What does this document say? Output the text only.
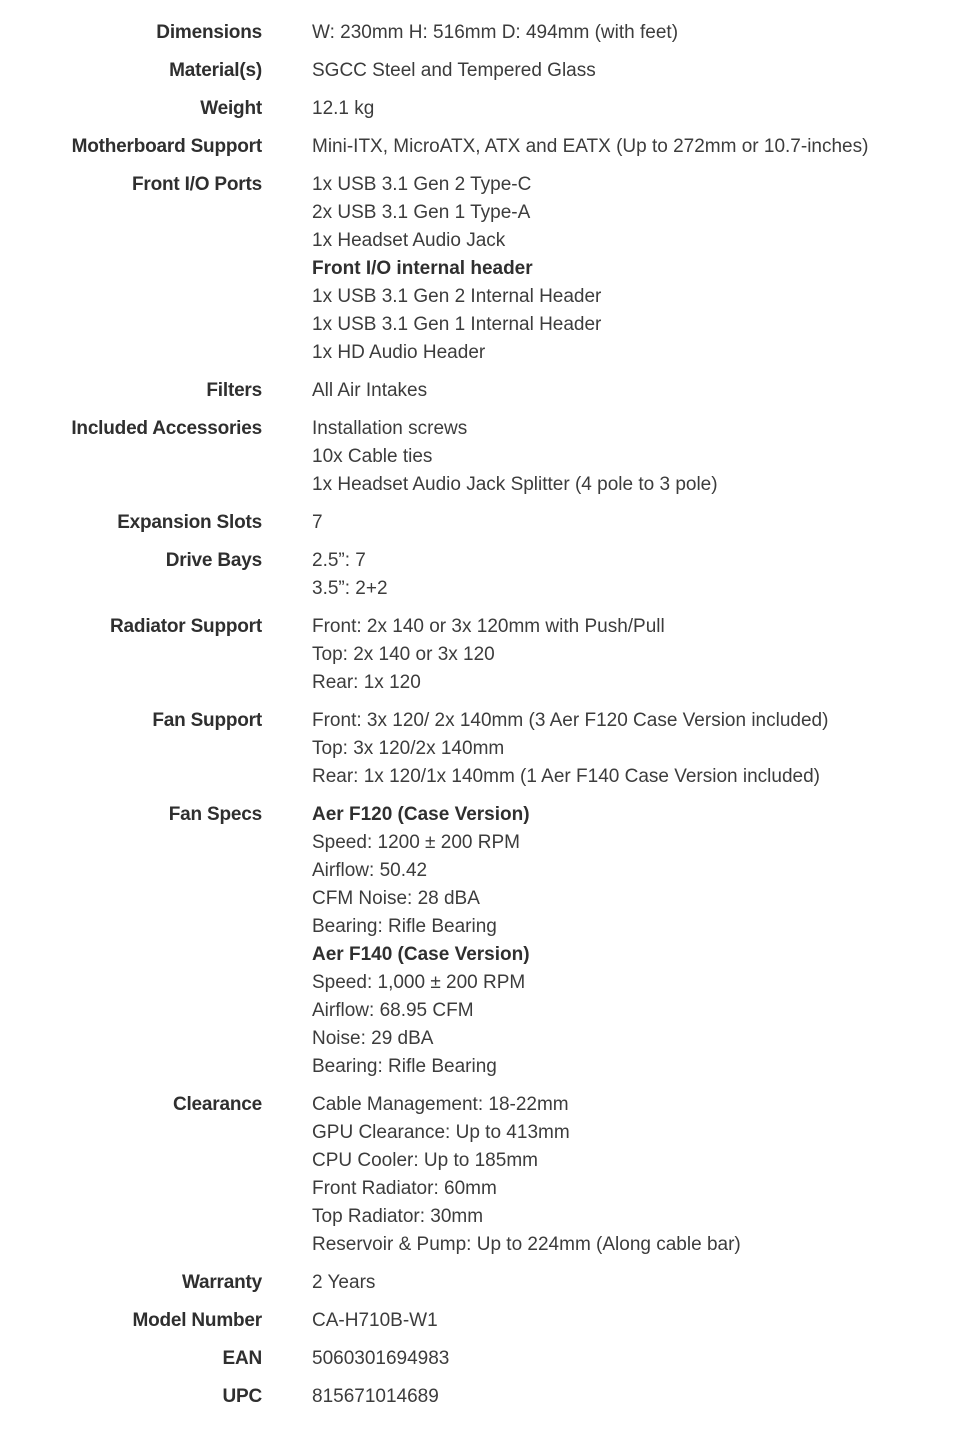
Dimensions	W: 230mm H: 516mm D: 494mm (with feet)
Material(s)	SGCC Steel and Tempered Glass
Weight	12.1 kg
Motherboard Support	Mini-ITX, MicroATX, ATX and EATX (Up to 272mm or 10.7-inches)
Front I/O Ports	1x USB 3.1 Gen 2 Type-C
2x USB 3.1 Gen 1 Type-A
1x Headset Audio Jack
Front I/O internal header
1x USB 3.1 Gen 2 Internal Header
1x USB 3.1 Gen 1 Internal Header
1x HD Audio Header
Filters	All Air Intakes
Included Accessories	Installation screws
10x Cable ties
1x Headset Audio Jack Splitter (4 pole to 3 pole)
Expansion Slots	7
Drive Bays	2.5”: 7
3.5”: 2+2
Radiator Support	Front: 2x 140 or 3x 120mm with Push/Pull
Top: 2x 140 or 3x 120
Rear: 1x 120
Fan Support	Front: 3x 120/ 2x 140mm (3 Aer F120 Case Version included)
Top: 3x 120/2x 140mm
Rear: 1x 120/1x 140mm (1 Aer F140 Case Version included)
Fan Specs	Aer F120 (Case Version)
Speed: 1200 ± 200 RPM
Airflow: 50.42
CFM Noise: 28 dBA
Bearing: Rifle Bearing
Aer F140 (Case Version)
Speed: 1,000 ± 200 RPM
Airflow: 68.95 CFM
Noise: 29 dBA
Bearing: Rifle Bearing
Clearance	Cable Management: 18-22mm
GPU Clearance: Up to 413mm
CPU Cooler: Up to 185mm
Front Radiator: 60mm
Top Radiator: 30mm
Reservoir & Pump: Up to 224mm (Along cable bar)
Warranty	2 Years
Model Number	CA-H710B-W1
EAN	5060301694983
UPC	815671014689
